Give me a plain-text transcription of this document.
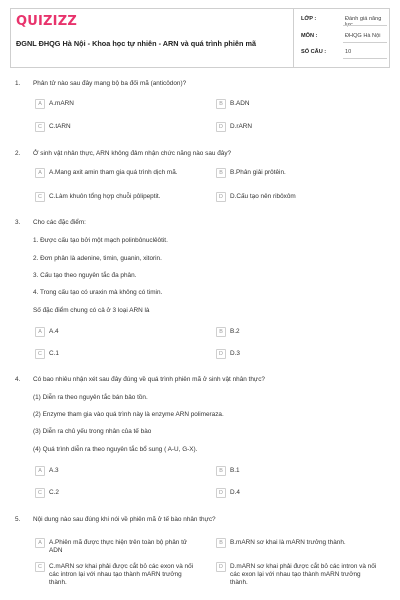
QUIZIZZ
ĐGNL ĐHQG Hà Nội - Khoa học tự nhiên - ARN và quá trình phiên mã
LỚP :	Đánh giá năng
MÔN :	ĐHQG Hà Nội
SỐ CÂU :	10
1. Phân tử nào sau đây mang bộ ba đối mã (anticôdon)?
A	A.mARN	B	B.ADN
C	C.tARN	D	D.rARN
2. Ở sinh vật nhân thực, ARN không đảm nhận chức năng nào sau đây?
A	A.Mang axit amin tham gia quá trình dịch mã.	B	B.Phân giải prôtêin.
C	C.Làm khuôn tổng hợp chuỗi pôlipeptit.	D	D.Cấu tạo nên ribôxôm
3. Cho các đặc điểm:
1. Được cấu tạo bởi một mạch polinbônuclêôtit.
2. Đơn phân là adenine, timin, guanin, xitorin.
3. Cấu tạo theo nguyên tắc đa phân.
4. Trong cấu tạo có uraxin mà không có timin.
Số đặc điểm chung có cả ở 3 loại ARN là
A	A.4	B	B.2
C	C.1	D	D.3
4. Có bao nhiêu nhận xét sau đây đúng về quá trình phiên mã ở sinh vật nhân thực?
(1) Diễn ra theo nguyên tắc bán bảo tồn.
(2) Enzyme tham gia vào quá trình này là enzyme ARN polimeraza.
(3) Diễn ra chủ yếu trong nhân của tế bào
(4) Quá trình diễn ra theo nguyên tắc bổ sung ( A-U, G-X).
A	A.3	B	B.1
C	C.2	D	D.4
5. Nội dung nào sau đúng khi nói về phiên mã ở tế bào nhân thực?
A	A.Phiên mã được thực hiện trên toàn bộ phân tử ADN
B	B.mARN sơ khai là mARN trưởng thành.
C	C.mARN sơ khai phải được cắt bỏ các exon và nối các intron lại với nhau tạo thành mARN trưởng thành.
D	D.mARN sơ khai phải được cắt bỏ các intron và nối các exon lại với nhau tạo thành mARN trưởng thành.
